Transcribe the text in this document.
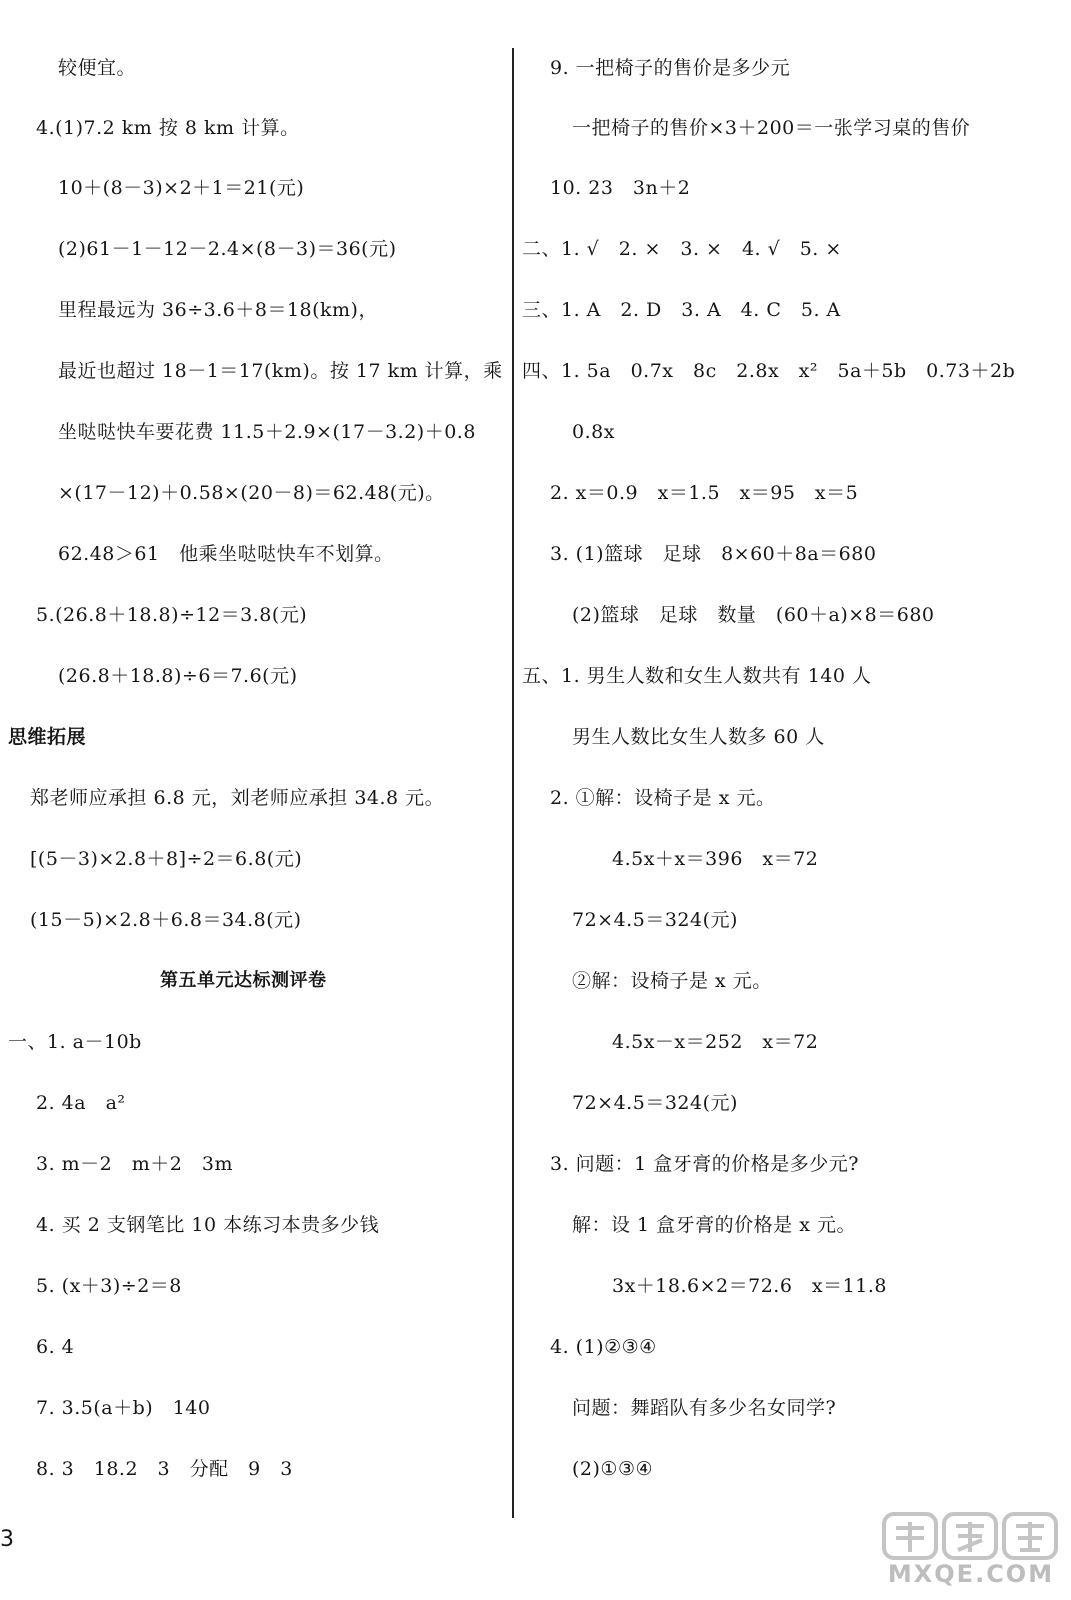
较便宜。
4.(1)7.2 km 按 8 km 计算。
10＋(8－3)×2＋1＝21(元)
(2)61－1－12－2.4×(8－3)＝36(元)
里程最远为 36÷3.6＋8＝18(km)，
最近也超过 18－1＝17(km)。按 17 km 计算，乘
坐哒哒快车要花费 11.5＋2.9×(17－3.2)＋0.8
×(17－12)＋0.58×(20－8)＝62.48(元)。
62.48＞61　他乘坐哒哒快车不划算。
5.(26.8＋18.8)÷12＝3.8(元)
(26.8＋18.8)÷6＝7.6(元)
思维拓展
郑老师应承担 6.8 元，刘老师应承担 34.8 元。
[(5－3)×2.8＋8]÷2＝6.8(元)
(15－5)×2.8＋6.8＝34.8(元)
第五单元达标测评卷
一、1. a－10b
2. 4a　a²
3. m－2　m＋2　3m
4. 买 2 支钢笔比 10 本练习本贵多少钱
5. (x＋3)÷2＝8
6. 4
7. 3.5(a＋b)　140
8. 3　18.2　3　分配　9　3
9. 一把椅子的售价是多少元
一把椅子的售价×3＋200＝一张学习桌的售价
10. 23　3n＋2
二、1. √　2. ×　3. ×　4. √　5. ×
三、1. A　2. D　3. A　4. C　5. A
四、1. 5a　0.7x　8c　2.8x　x²　5a＋5b　0.73＋2b
0.8x
2. x＝0.9　x＝1.5　x＝95　x＝5
3. (1)篮球　足球　8×60＋8a＝680
(2)篮球　足球　数量　(60＋a)×8＝680
五、1. 男生人数和女生人数共有 140 人
男生人数比女生人数多 60 人
2. ①解：设椅子是 x 元。
4.5x＋x＝396　x＝72
72×4.5＝324(元)
②解：设椅子是 x 元。
4.5x－x＝252　x＝72
72×4.5＝324(元)
3. 问题：1 盒牙膏的价格是多少元?
解：设 1 盒牙膏的价格是 x 元。
3x＋18.6×2＝72.6　x＝11.8
4. (1)②③④
问题：舞蹈队有多少名女同学?
(2)①③④
3
MXQE.COM
